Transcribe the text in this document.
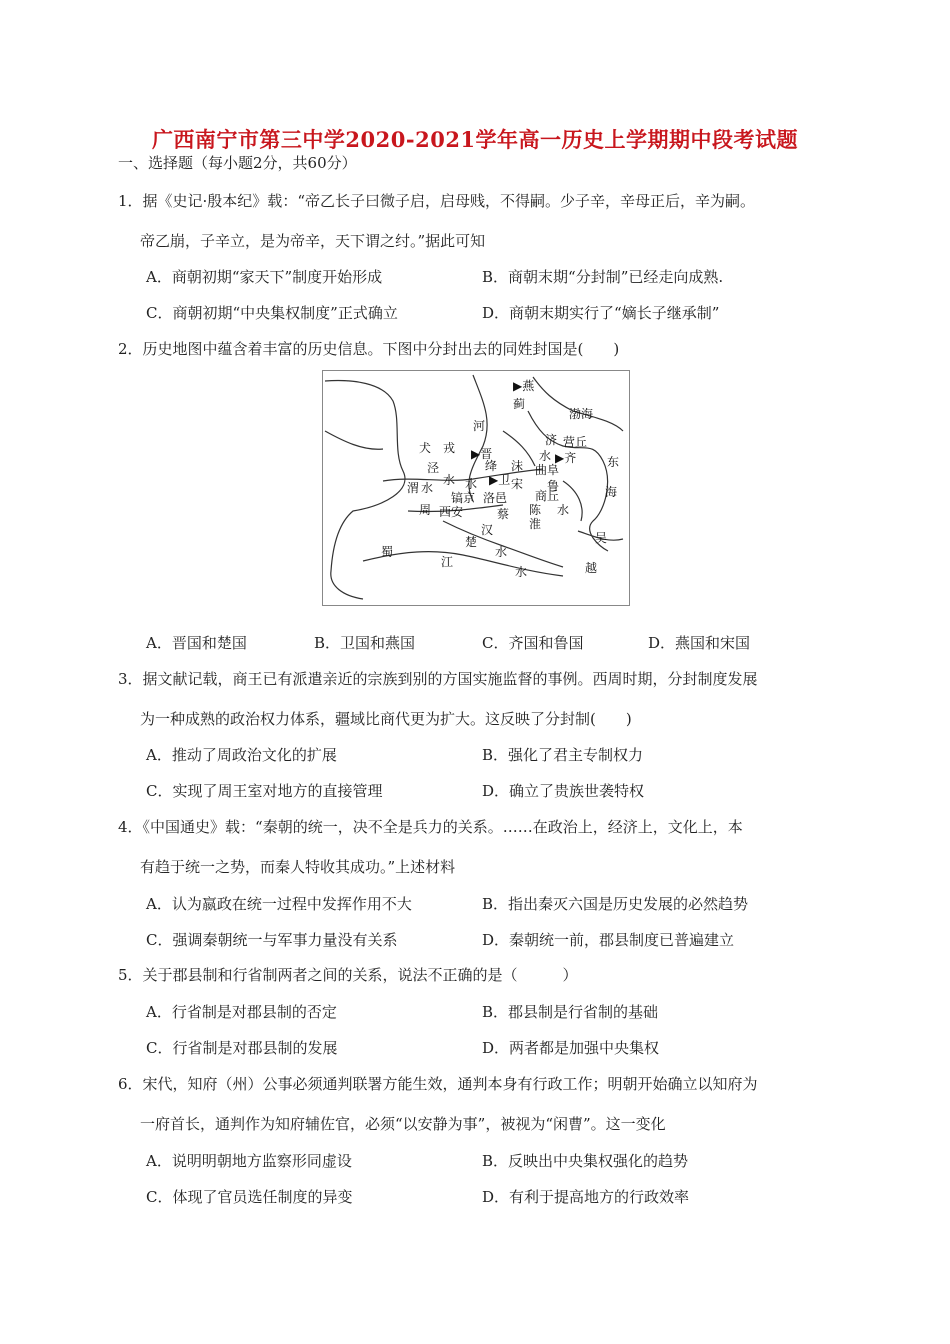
广西南宁市第三中学2020-2021学年高一历史上学期期中段考试题
一、选择题（每小题2分，共60分）
1．据《史记·殷本纪》载：“帝乙长子曰微子启，启母贱，不得嗣。少子辛，辛母正后，辛为嗣。
帝乙崩，子辛立，是为帝辛，天下谓之纣。”据此可知
A．商朝初期“家天下”制度开始形成	B．商朝末期“分封制”已经走向成熟.
C．商朝初期“中央集权制度”正式确立	D．商朝末期实行了“嫡长子继承制”
2．历史地图中蕴含着丰富的历史信息。下图中分封出去的同姓封国是(　　)
▶燕
蓟
渤海
河
犬 戎 ▶晋
济 营丘
东
泾	绛 沫
▶卫
水
曲阜
▶齐
水 水	宋 鲁	海
渭 水
镐京 洛邑 商丘
周 西安	蔡 陈 水
淮
汉
蜀
楚	吴
江
水
水	越
A．晋国和楚国	B．卫国和燕国	C．齐国和鲁国	D．燕国和宋国
3．据文献记载，商王已有派遣亲近的宗族到别的方国实施监督的事例。西周时期，分封制度发展
为一种成熟的政治权力体系，疆域比商代更为扩大。这反映了分封制(　　)
A．推动了周政治文化的扩展	B．强化了君主专制权力
C．实现了周王室对地方的直接管理	D．确立了贵族世袭特权
4．《中国通史》载：“秦朝的统一，决不全是兵力的关系。……在政治上，经济上，文化上，本
有趋于统一之势，而秦人特收其成功。”上述材料
A．认为嬴政在统一过程中发挥作用不大	B．指出秦灭六国是历史发展的必然趋势
C．强调秦朝统一与军事力量没有关系	D．秦朝统一前，郡县制度已普遍建立
5．关于郡县制和行省制两者之间的关系，说法不正确的是（　　　）
A．行省制是对郡县制的否定	B．郡县制是行省制的基础
C．行省制是对郡县制的发展	D．两者都是加强中央集权
6．宋代，知府（州）公事必须通判联署方能生效，通判本身有行政工作；明朝开始确立以知府为
一府首长，通判作为知府辅佐官，必须“以安静为事”，被视为“闲曹”。这一变化
A．说明明朝地方监察形同虚设	B．反映出中央集权强化的趋势
C．体现了官员选任制度的异变	D．有利于提高地方的行政效率
